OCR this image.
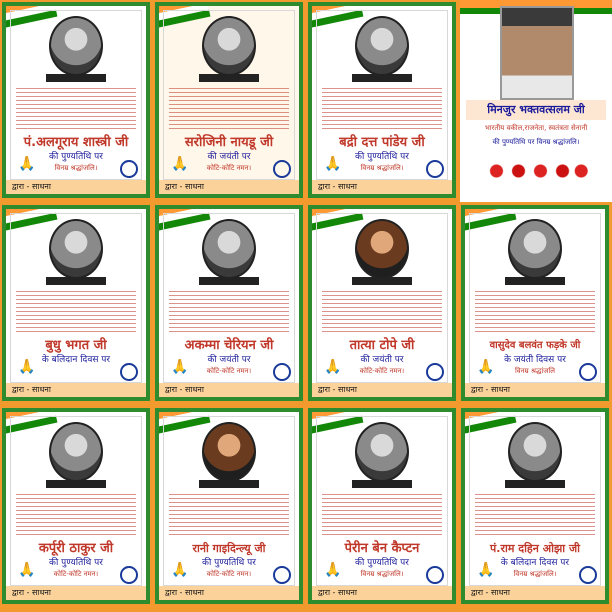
पं.अलगूराय शास्त्री जी
की पुण्यतिथि पर
विनम्र श्रद्धांजलि।
🙏
द्वारा - साधना
सरोजिनी नायडू जी
की जयंती पर
कोटि-कोटि नमन।
🙏
द्वारा - साधना
बद्री दत्त पांडेय जी
की पुण्यतिथि पर
विनम्र श्रद्धांजलि।
🙏
द्वारा - साधना
मिनजुर भक्तवत्सलम जी
भारतीय वकील,राजनेता, स्वतंत्रता सेनानी
की पुण्यतिथि पर विनम्र श्रद्धांजलि।
बुधु भगत जी
के बलिदान दिवस पर
🙏
द्वारा - साधना
अकम्मा चेरियन जी
की जयंती पर
कोटि-कोटि नमन।
🙏
द्वारा - साधना
तात्या टोपे जी
की जयंती पर
कोटि-कोटि नमन।
🙏
द्वारा - साधना
वासुदेव बलवंत फड़के जी
के जयंती दिवस पर
विनम्र श्रद्धांजलि
🙏
द्वारा - साधना
कर्पूरी ठाकुर जी
की पुण्यतिथि पर
कोटि-कोटि नमन।
🙏
द्वारा - साधना
रानी गाइदिन्ल्यू जी
की पुण्यतिथि पर
कोटि-कोटि नमन।
🙏
द्वारा - साधना
पेरीन बेन कैप्टन
की पुण्यतिथि पर
विनम्र श्रद्धांजलि।
🙏
द्वारा - साधना
पं.राम दहिन ओझा जी
के बलिदान दिवस पर
विनम्र श्रद्धांजलि।
🙏
द्वारा - साधना
